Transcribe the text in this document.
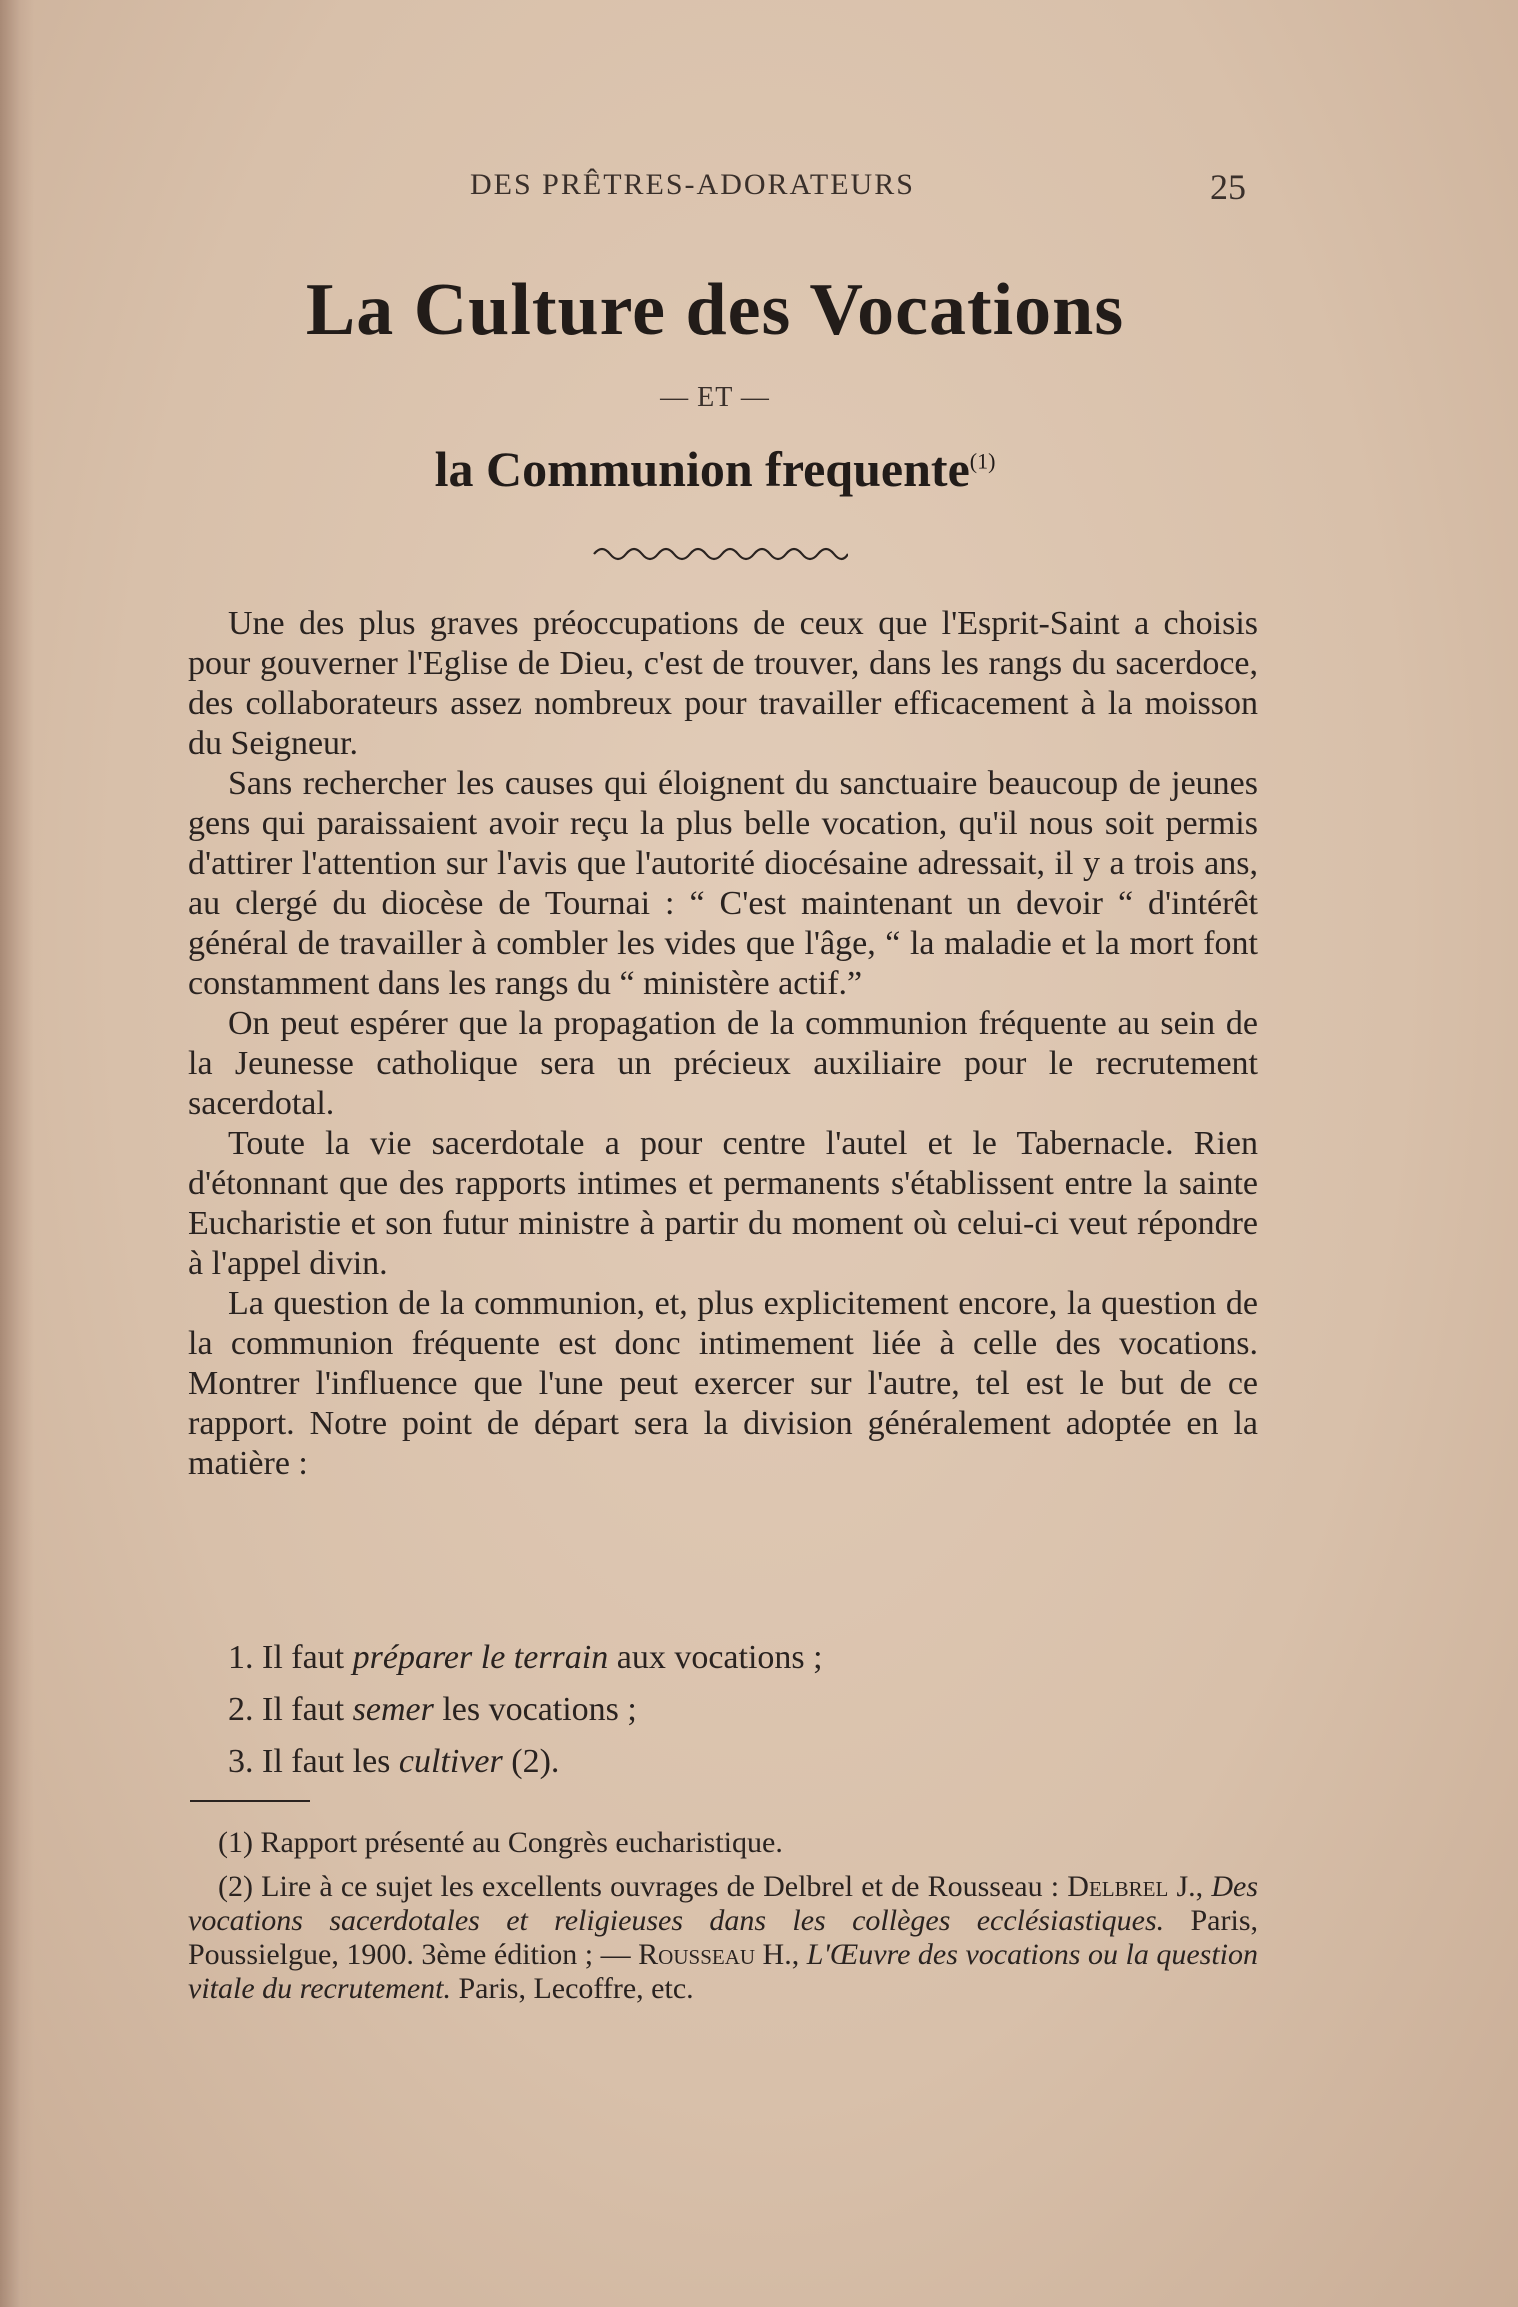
DES PRÊTRES-ADORATEURS	25
La Culture des Vocations
— ET —
la Communion frequente$^{(1)}$

Une des plus graves préoccupations de ceux que l'Esprit-Saint a choisis pour gouverner l'Eglise de Dieu, c'est de trouver, dans les rangs du sacerdoce, des collaborateurs assez nombreux pour travailler efficacement à la moisson du Seigneur.

Sans rechercher les causes qui éloignent du sanctuaire beaucoup de jeunes gens qui paraissaient avoir reçu la plus belle vocation, qu'il nous soit permis d'attirer l'attention sur l'avis que l'autorité diocésaine adressait, il y a trois ans, au clergé du diocèse de Tournai : “ C'est maintenant un devoir “ d'intérêt général de travailler à combler les vides que l'âge, “ la maladie et la mort font constamment dans les rangs du “ ministère actif.”

On peut espérer que la propagation de la communion fréquente au sein de la Jeunesse catholique sera un précieux auxiliaire pour le recrutement sacerdotal.

Toute la vie sacerdotale a pour centre l'autel et le Tabernacle. Rien d'étonnant que des rapports intimes et permanents s'établissent entre la sainte Eucharistie et son futur ministre à partir du moment où celui-ci veut répondre à l'appel divin.

La question de la communion, et, plus explicitement encore, la question de la communion fréquente est donc intimement liée à celle des vocations. Montrer l'influence que l'une peut exercer sur l'autre, tel est le but de ce rapport. Notre point de départ sera la division généralement adoptée en la matière :

1. Il faut préparer le terrain aux vocations ;
2. Il faut semer les vocations ;
3. Il faut les cultiver (2).

(1) Rapport présenté au Congrès eucharistique.

(2) Lire à ce sujet les excellents ouvrages de Delbrel et de Rousseau : Delbrel J., Des vocations sacerdotales et religieuses dans les collèges ecclésiastiques. Paris, Poussielgue, 1900. 3ème édition ; — Rousseau H., L'Œuvre des vocations ou la question vitale du recrutement. Paris, Lecoffre, etc.
